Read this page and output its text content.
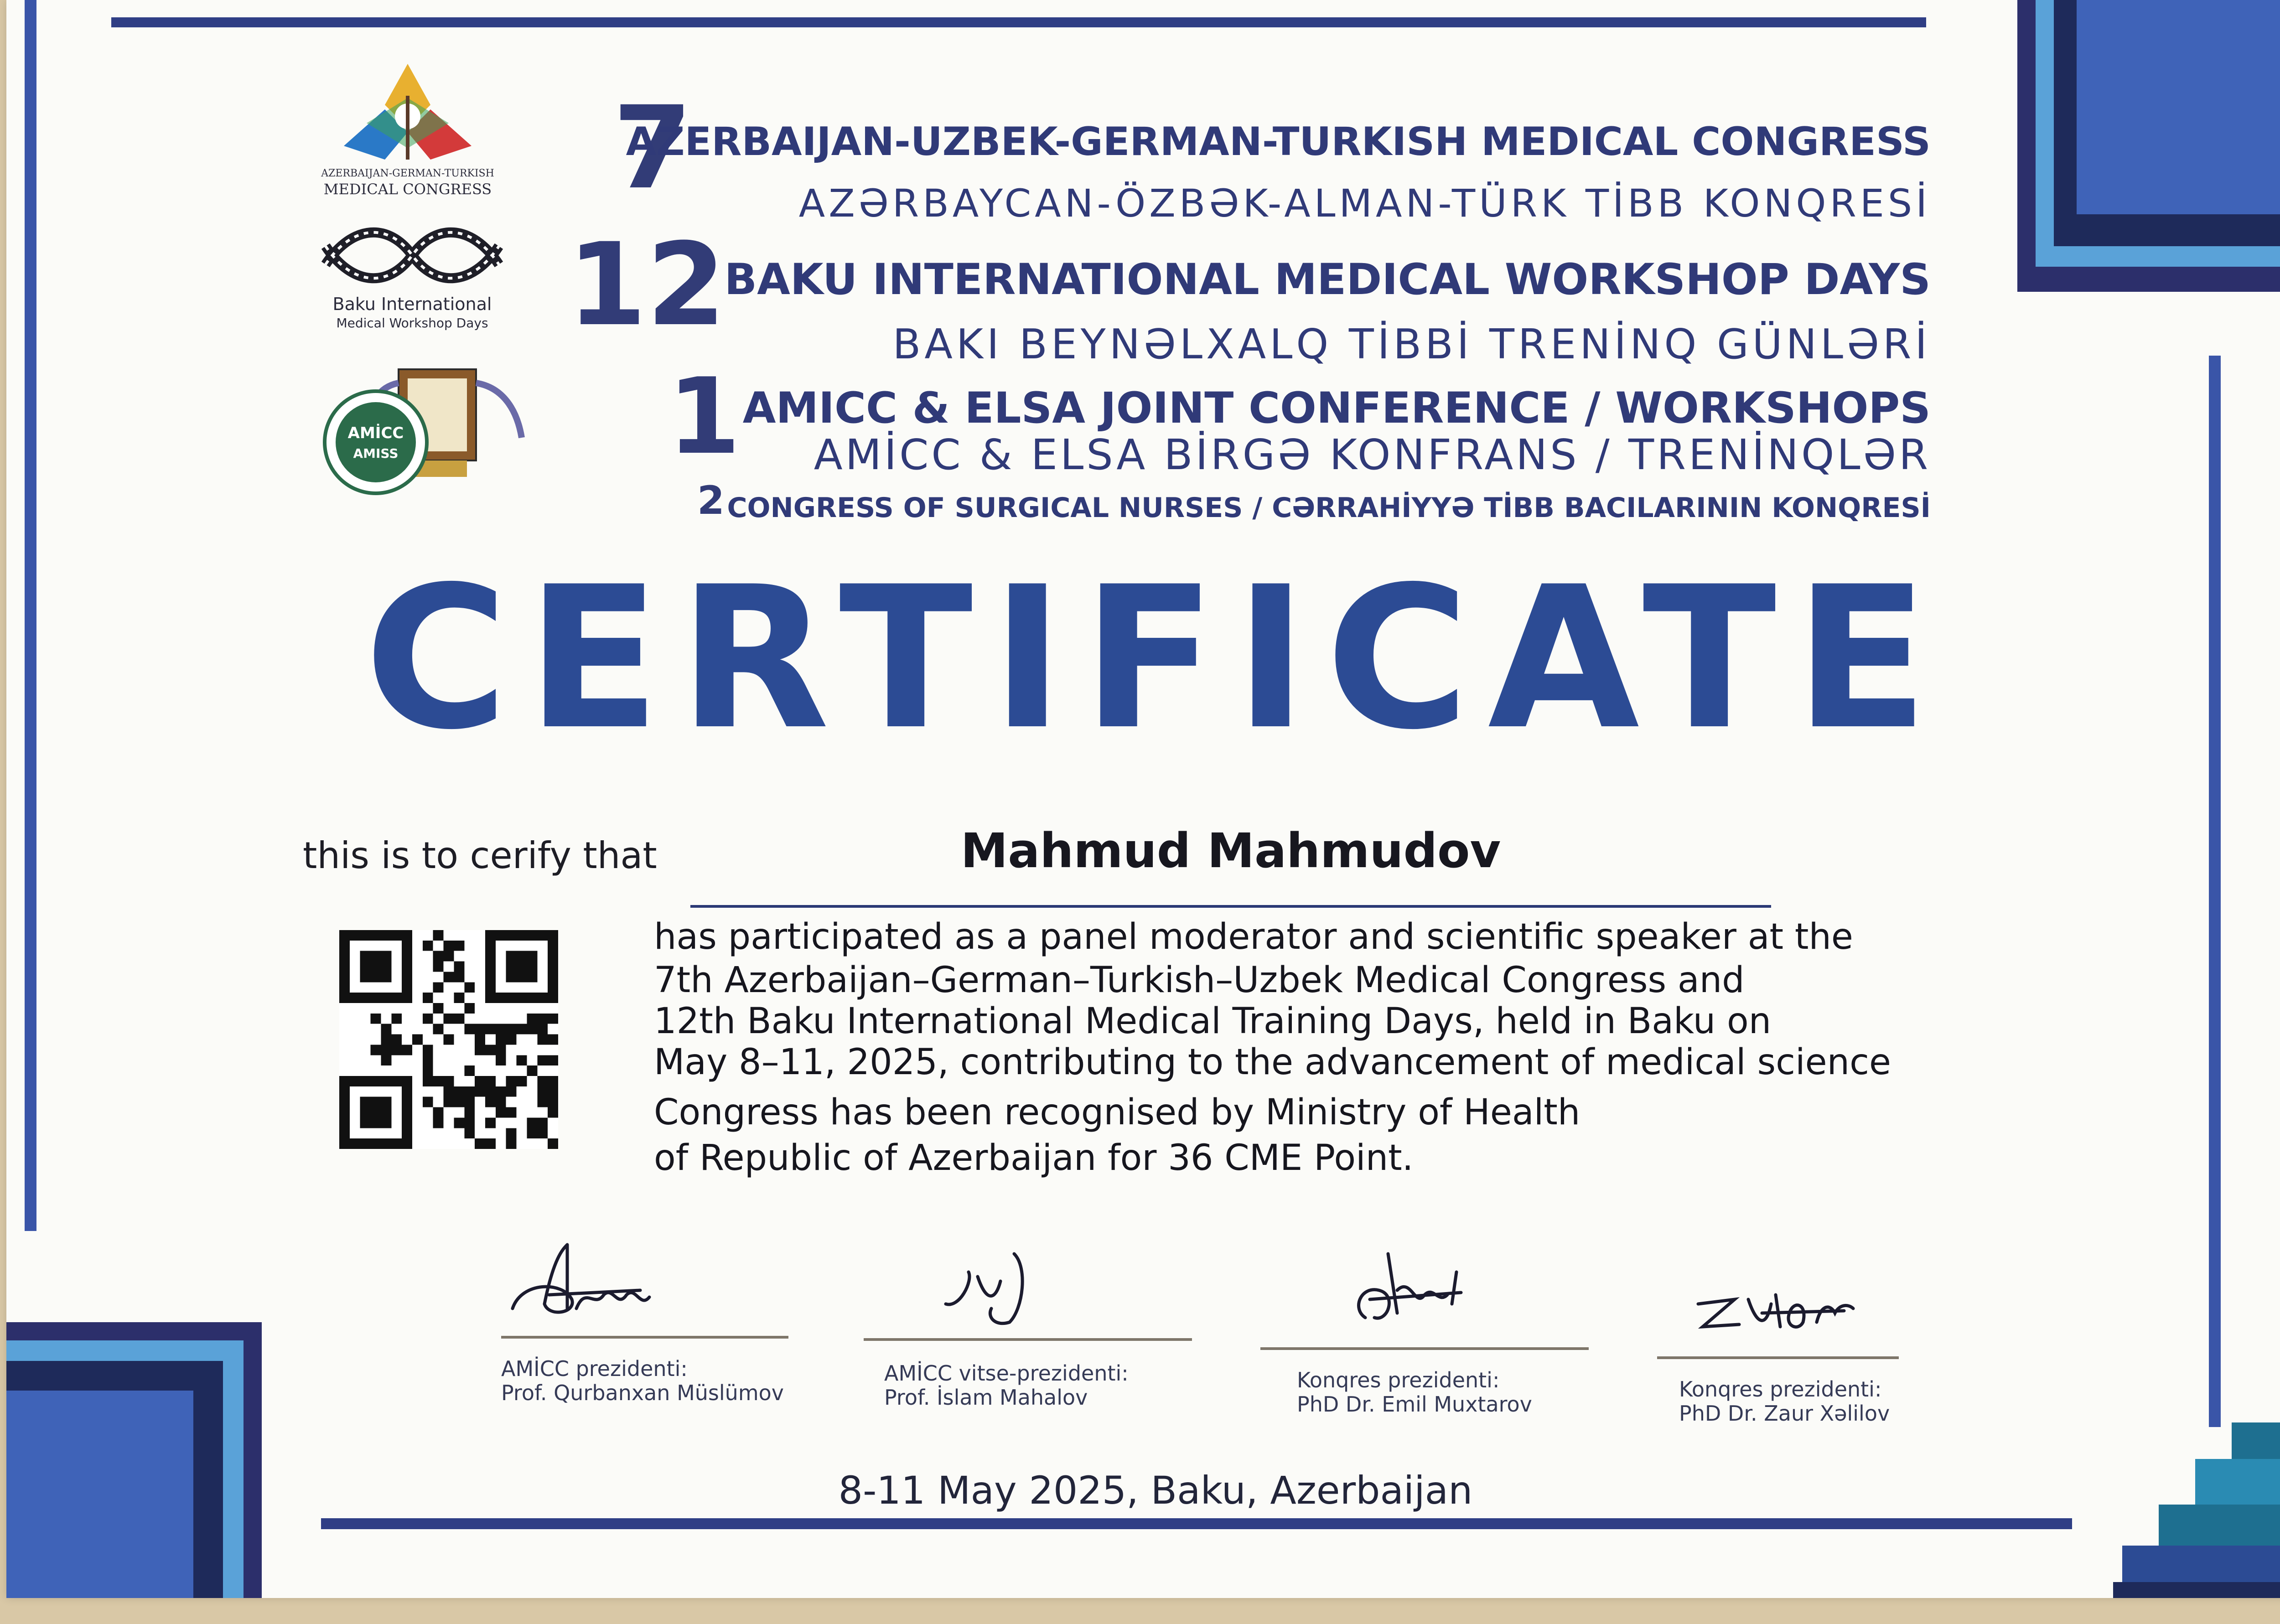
AZERBAIJAN-GERMAN-TURKISH
MEDICAL CONGRESS
Baku International
Medical Workshop Days
AMİCC
AMISS
7
12
1
2
AZERBAIJAN-UZBEK-GERMAN-TURKISH MEDICAL CONGRESS
AZƏRBAYCAN-ÖZBƏK-ALMAN-TÜRK TİBB KONQRESİ
BAKU INTERNATIONAL MEDICAL WORKSHOP DAYS
BAKI BEYNƏLXALQ TİBBİ TRENİNQ GÜNLƏRİ
AMICC & ELSA JOINT CONFERENCE / WORKSHOPS
AMİCC & ELSA BİRGƏ KONFRANS / TRENİNQLƏR
CONGRESS OF SURGICAL NURSES / CƏRRAHİYYƏ TİBB BACILARININ KONQRESİ
CERTIFICATE
this is to cerify that	Mahmud Mahmudov
has participated as a panel moderator and scientific speaker at the
7th Azerbaijan–German–Turkish–Uzbek Medical Congress and
12th Baku International Medical Training Days, held in Baku on
May 8–11, 2025, contributing to the advancement of medical science
Congress has been recognised by Ministry of Health
of Republic of Azerbaijan for 36 CME Point.
AMİCC prezidenti:
Prof. Qurbanxan Müslümov
AMİCC vitse-prezidenti:
Prof. İslam Mahalov
Konqres prezidenti:
PhD Dr. Emil Muxtarov
Konqres prezidenti:
PhD Dr. Zaur Xəlilov
8-11 May 2025, Baku, Azerbaijan
